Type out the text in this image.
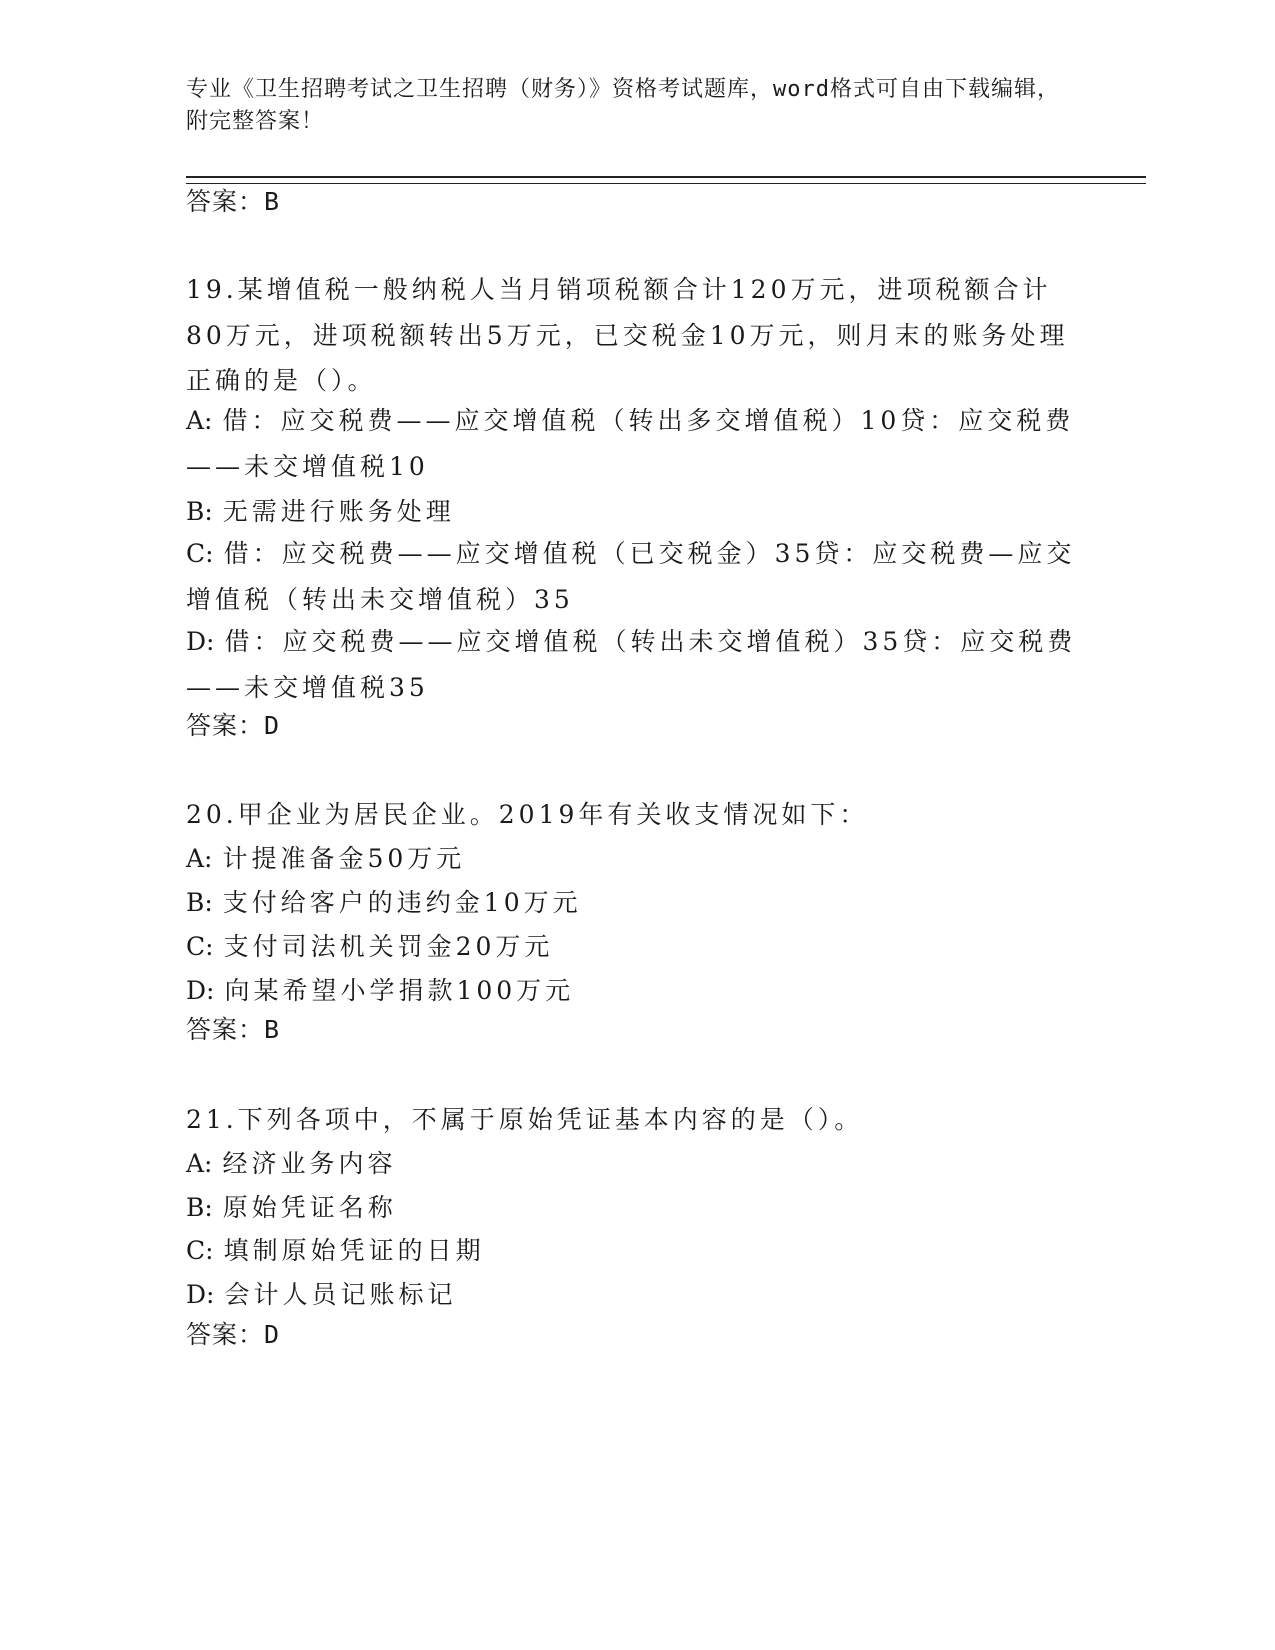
专业《卫生招聘考试之卫生招聘（财务）》资格考试题库，word格式可自由下载编辑，附完整答案！
答案：B
19.某增值税一般纳税人当月销项税额合计120万元，进项税额合计80万元，进项税额转出5万元，已交税金10万元，则月末的账务处理正确的是（）。
A: 借：应交税费——应交增值税（转出多交增值税）10贷：应交税费——未交增值税10
B: 无需进行账务处理
C: 借：应交税费——应交增值税（已交税金）35贷：应交税费—应交增值税（转出未交增值税）35
D: 借：应交税费——应交增值税（转出未交增值税）35贷：应交税费——未交增值税35
答案：D
20.甲企业为居民企业。2019年有关收支情况如下：
A: 计提准备金50万元
B: 支付给客户的违约金10万元
C: 支付司法机关罚金20万元
D: 向某希望小学捐款100万元
答案：B
21.下列各项中，不属于原始凭证基本内容的是（）。
A: 经济业务内容
B: 原始凭证名称
C: 填制原始凭证的日期
D: 会计人员记账标记
答案：D
